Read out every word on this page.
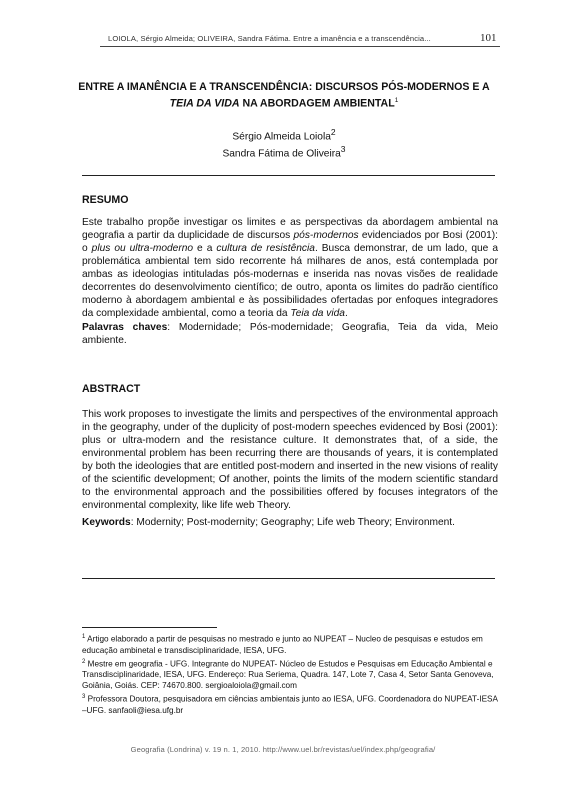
LOIOLA, Sérgio Almeida; OLIVEIRA, Sandra Fátima. Entre a imanência e a transcendência...	101
ENTRE A IMANÊNCIA E A TRANSCENDÊNCIA: DISCURSOS PÓS-MODERNOS E A
TEIA DA VIDA NA ABORDAGEM AMBIENTAL$^1$
Sérgio Almeida Loiola$^2$
Sandra Fátima de Oliveira$^3$
RESUMO
Este trabalho propõe investigar os limites e as perspectivas da abordagem ambiental na geografia a partir da duplicidade de discursos pós-modernos evidenciados por Bosi (2001): o plus ou ultra-moderno e a cultura de resistência. Busca demonstrar, de um lado, que a problemática ambiental tem sido recorrente há milhares de anos, está contemplada por ambas as ideologias intituladas pós-modernas e inserida nas novas visões de realidade decorrentes do desenvolvimento científico; de outro, aponta os limites do padrão científico moderno à abordagem ambiental e às possibilidades ofertadas por enfoques integradores da complexidade ambiental, como a teoria da Teia da vida.
Palavras chaves: Modernidade; Pós-modernidade; Geografia, Teia da vida, Meio ambiente.
ABSTRACT
This work proposes to investigate the limits and perspectives of the environmental approach in the geography, under of the duplicity of post-modern speeches evidenced by Bosi (2001): plus or ultra-modern and the resistance culture. It demonstrates that, of a side, the environmental problem has been recurring there are thousands of years, it is contemplated by both the ideologies that are entitled post-modern and inserted in the new visions of reality of the scientific development; Of another, points the limits of the modern scientific standard to the environmental approach and the possibilities offered by focuses integrators of the environmental complexity, like life web Theory.
Keywords: Modernity; Post-modernity; Geography; Life web Theory; Environment.
$^1$ Artigo elaborado a partir de pesquisas no mestrado e junto ao NUPEAT – Nucleo de pesquisas e estudos em educação ambinetal e transdisciplinaridade, IESA, UFG.
$^2$ Mestre em geografia - UFG. Integrante do NUPEAT- Núcleo de Estudos e Pesquisas em Educação Ambiental e Transdisciplinaridade, IESA, UFG. Endereço: Rua Seriema, Quadra. 147, Lote 7, Casa 4, Setor Santa Genoveva, Goiânia, Goiás. CEP: 74670.800. sergioaloiola@gmail.com
$^3$ Professora Doutora, pesquisadora em ciências ambientais junto ao IESA, UFG. Coordenadora do NUPEAT-IESA –UFG. sanfaoli@iesa.ufg.br
Geografia (Londrina) v. 19 n. 1, 2010. http://www.uel.br/revistas/uel/index.php/geografia/
